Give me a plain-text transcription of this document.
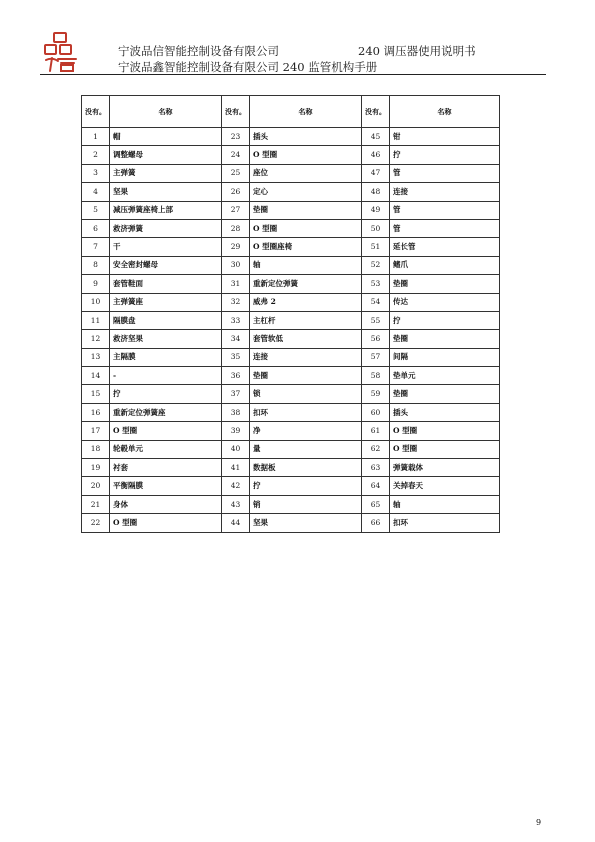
宁波品信智能控制设备有限公司	240 调压器使用说明书
宁波品鑫智能控制设备有限公司 240 监管机构手册
没有。	名称	没有。	名称	没有。	名称
1	帽	23	插头	45	钳
2	调整螺母	24	O 型圈	46	拧
3	主弹簧	25	座位	47	管
4	坚果	26	定心	48	连接
5	减压弹簧座椅上部	27	垫圈	49	管
6	救济弹簧	28	O 型圈	50	管
7	干	29	O 型圈座椅	51	延长管
8	安全密封螺母	30	轴	52	鳍爪
9	套管鞋面	31	重新定位弹簧	53	垫圈
10	主弹簧座	32	威弗 2	54	传达
11	隔膜盘	33	主杠杆	55	拧
12	救济坚果	34	套管软低	56	垫圈
13	主隔膜	35	连接	57	间隔
14	-	36	垫圈	58	垫单元
15	拧	37	锁	59	垫圈
16	重新定位弹簧座	38	扣环	60	插头
17	O 型圈	39	净	61	O 型圈
18	轮毂单元	40	量	62	O 型圈
19	衬套	41	数据板	63	弹簧载体
20	平衡隔膜	42	拧	64	关掉春天
21	身体	43	销	65	轴
22	O 型圈	44	坚果	66	扣环
9
